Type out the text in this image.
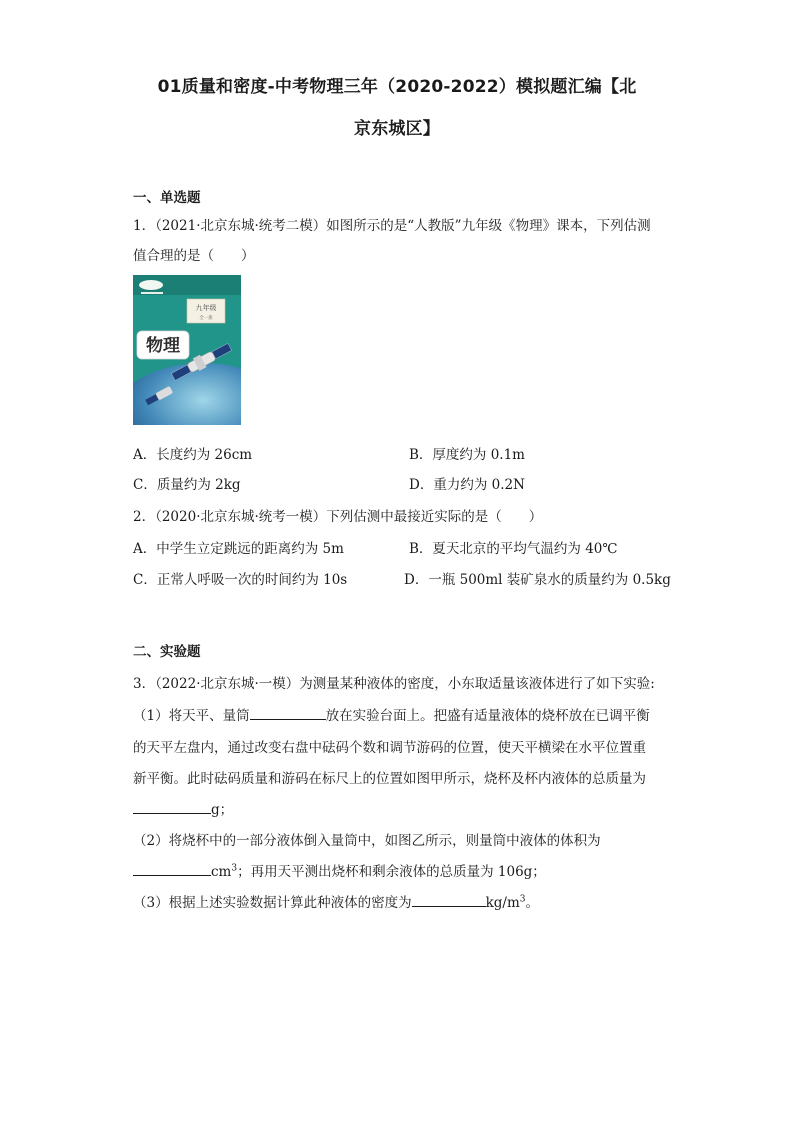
01质量和密度-中考物理三年（2020-2022）模拟题汇编【北
京东城区】
一、单选题
1．（2021·北京东城·统考二模）如图所示的是“人教版”九年级《物理》课本，下列估测
值合理的是（　　）
九年级
全一册
物理
A．长度约为 26cm	B．厚度约为 0.1m
C．质量约为 2kg	D．重力约为 0.2N
2．（2020·北京东城·统考一模）下列估测中最接近实际的是（　　）
A．中学生立定跳远的距离约为 5m	B．夏天北京的平均气温约为 40℃
C．正常人呼吸一次的时间约为 10s	D．一瓶 500ml 装矿泉水的质量约为 0.5kg
二、实验题
3．（2022·北京东城·一模）为测量某种液体的密度，小东取适量该液体进行了如下实验:
（1）将天平、量筒	放在实验台面上。把盛有适量液体的烧杯放在已调平衡
的天平左盘内，通过改变右盘中砝码个数和调节游码的位置，使天平横梁在水平位置重
新平衡。此时砝码质量和游码在标尺上的位置如图甲所示，烧杯及杯内液体的总质量为
g；
（2）将烧杯中的一部分液体倒入量筒中，如图乙所示，则量筒中液体的体积为
$cm^3$；再用天平测出烧杯和剩余液体的总质量为 106g；
（3）根据上述实验数据计算此种液体的密度为	$kg/m^3$。
